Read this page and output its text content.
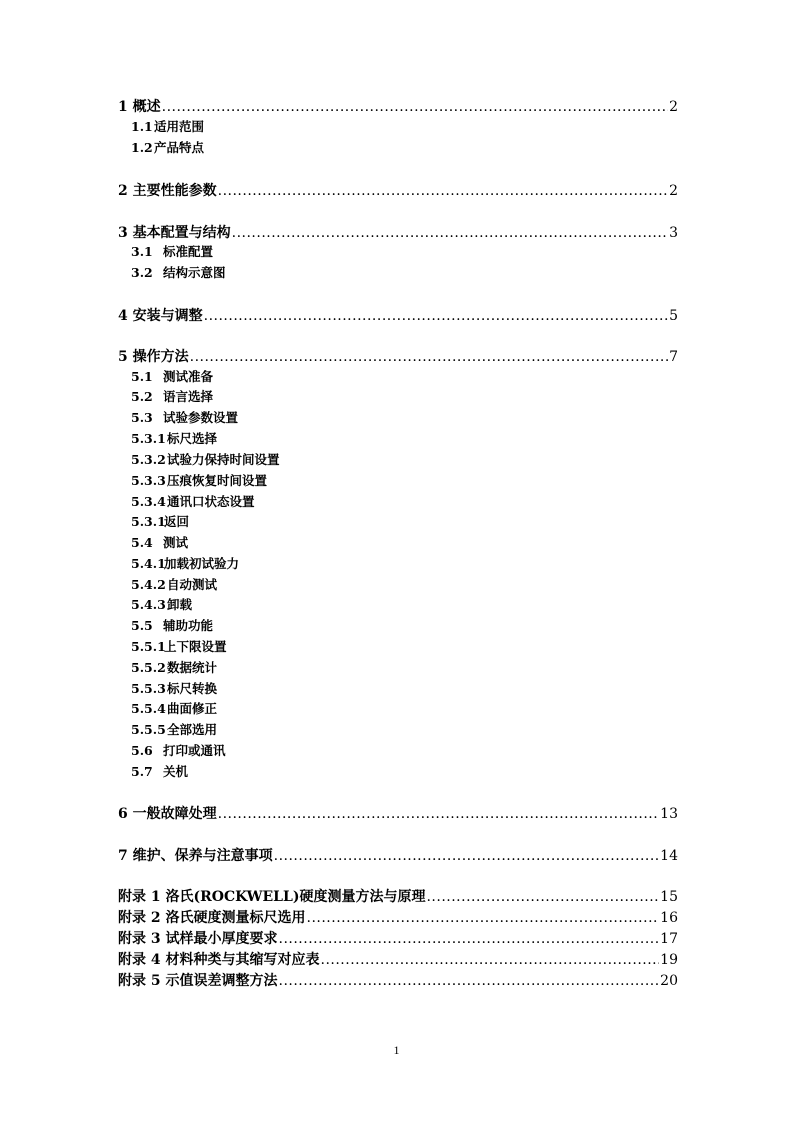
1 概述 .....	2
1.1适用范围
1.2产品特点
2 主要性能参数 .....	2
3 基本配置与结构 .....	3
3.1 标准配置
3.2 结构示意图
4 安装与调整 .....	5
5 操作方法 .....	7
5.1 测试准备
5.2 语言选择
5.3 试验参数设置
5.3.1标尺选择
5.3.2试验力保持时间设置
5.3.3压痕恢复时间设置
5.3.4通讯口状态设置
5.3.1返回
5.4 测试
5.4.1加载初试验力
5.4.2自动测试
5.4.3卸载
5.5 辅助功能
5.5.1上下限设置
5.5.2数据统计
5.5.3标尺转换
5.5.4曲面修正
5.5.5全部选用
5.6 打印或通讯
5.7 关机
6 一般故障处理 .....	13
7 维护、保养与注意事项 .....	14
附录 1 洛氏(ROCKWELL)硬度测量方法与原理 .....	15
附录 2 洛氏硬度测量标尺选用 .....	16
附录 3 试样最小厚度要求 .....	17
附录 4 材料种类与其缩写对应表 .....	19
附录 5 示值误差调整方法 .....	20
1
